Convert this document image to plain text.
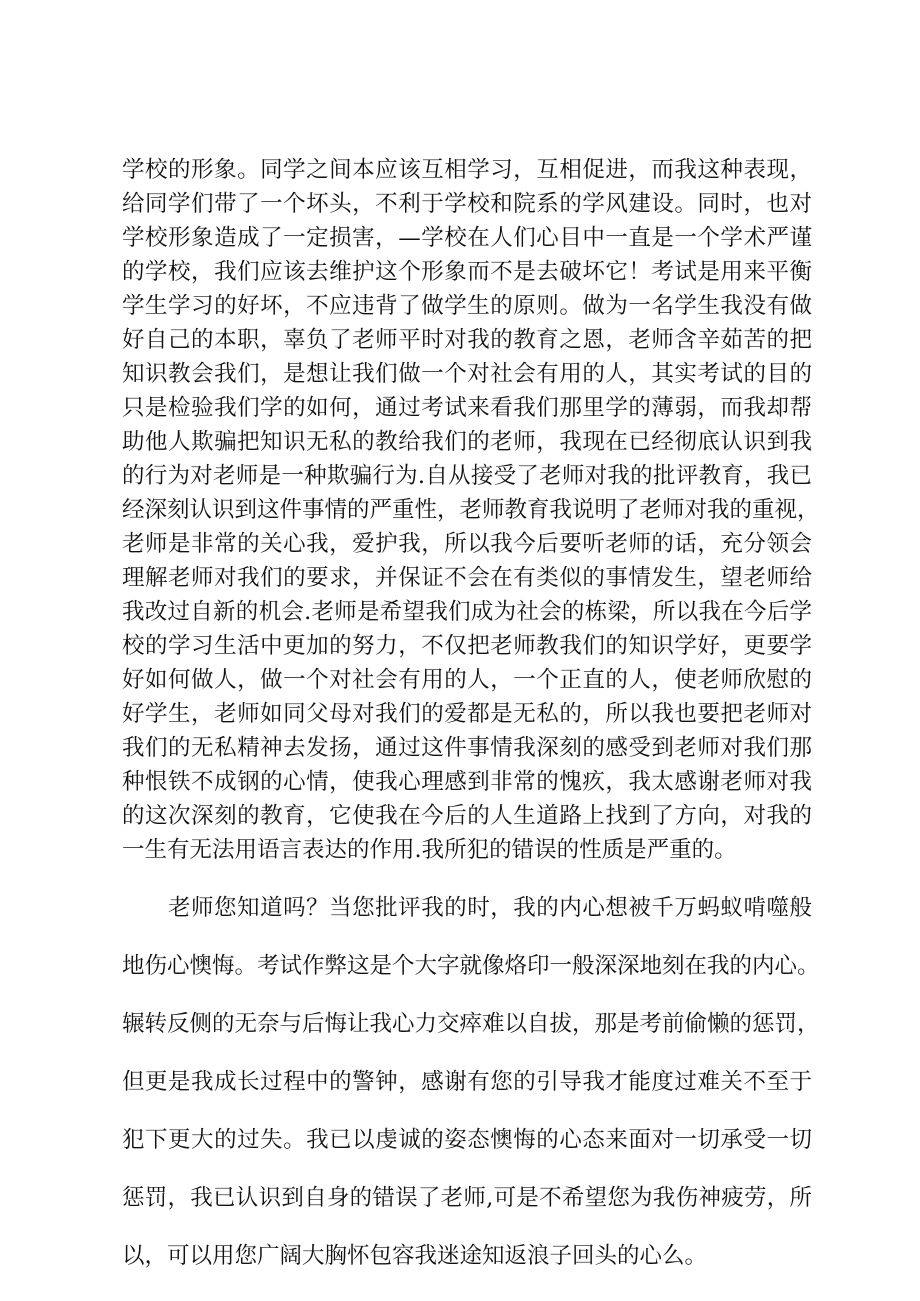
学校的形象。同学之间本应该互相学习，互相促进，而我这种表现，
给同学们带了一个坏头，不利于学校和院系的学风建设。同时，也对
学校形象造成了一定损害，—学校在人们心目中一直是一个学术严谨
的学校，我们应该去维护这个形象而不是去破坏它！考试是用来平衡
学生学习的好坏，不应违背了做学生的原则。做为一名学生我没有做
好自己的本职，辜负了老师平时对我的教育之恩，老师含辛茹苦的把
知识教会我们，是想让我们做一个对社会有用的人，其实考试的目的
只是检验我们学的如何，通过考试来看我们那里学的薄弱，而我却帮
助他人欺骗把知识无私的教给我们的老师，我现在已经彻底认识到我
的行为对老师是一种欺骗行为.自从接受了老师对我的批评教育，我已
经深刻认识到这件事情的严重性，老师教育我说明了老师对我的重视，
老师是非常的关心我，爱护我，所以我今后要听老师的话，充分领会
理解老师对我们的要求，并保证不会在有类似的事情发生，望老师给
我改过自新的机会.老师是希望我们成为社会的栋梁，所以我在今后学
校的学习生活中更加的努力，不仅把老师教我们的知识学好，更要学
好如何做人，做一个对社会有用的人，一个正直的人，使老师欣慰的
好学生，老师如同父母对我们的爱都是无私的，所以我也要把老师对
我们的无私精神去发扬，通过这件事情我深刻的感受到老师对我们那
种恨铁不成钢的心情，使我心理感到非常的愧疚，我太感谢老师对我
的这次深刻的教育，它使我在今后的人生道路上找到了方向，对我的
一生有无法用语言表达的作用.我所犯的错误的性质是严重的。
老师您知道吗？当您批评我的时，我的内心想被千万蚂蚁啃噬般
地伤心懊悔。考试作弊这是个大字就像烙印一般深深地刻在我的内心。
辗转反侧的无奈与后悔让我心力交瘁难以自拔，那是考前偷懒的惩罚，
但更是我成长过程中的警钟，感谢有您的引导我才能度过难关不至于
犯下更大的过失。我已以虔诚的姿态懊悔的心态来面对一切承受一切
惩罚，我已认识到自身的错误了老师,可是不希望您为我伤神疲劳，所
以，可以用您广阔大胸怀包容我迷途知返浪子回头的心么。
